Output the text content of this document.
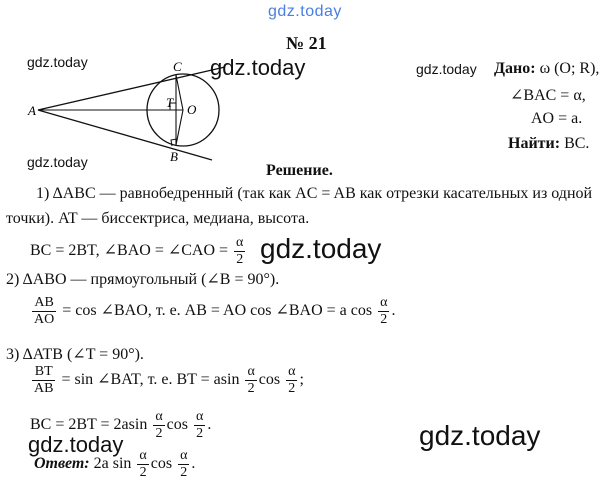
gdz.today
gdz.today	gdz.today	gdz.today
gdz.today
gdz.today
gdz.today	gdz.today
№ 21
A
C
T O
B
Дано: ω (O; R),
∠BAC = α,
AO = a.
Найти: BC.
Решение.
1) ΔABC — равнобедренный (так как AC = AB как отрезки касательных из одной
точки). AT — биссектриса, медиана, высота.
BC = 2BT, ∠BAO = ∠CAO = $\frac{\alpha}{2}$
2) ΔABO — прямоугольный (∠B = 90°).
$\frac{AB}{AO} = \cos$ ∠BAO, т. е. AB = AO cos ∠BAO = a $\cos \frac{\alpha}{2}$ .
3) ΔATB (∠T = 90°).
$\frac{BT}{AB} = \sin$ ∠BAT, т. е. BT = asin $\frac{\alpha}{2}$ $\cos \frac{\alpha}{2}$ ;
BC = $2BT = 2asin \frac{\alpha}{2}$ $\cos \frac{\alpha}{2}$ .
Ответ: 2a $\sin \frac{\alpha}{2}$ $\cos \frac{\alpha}{2}$ .
